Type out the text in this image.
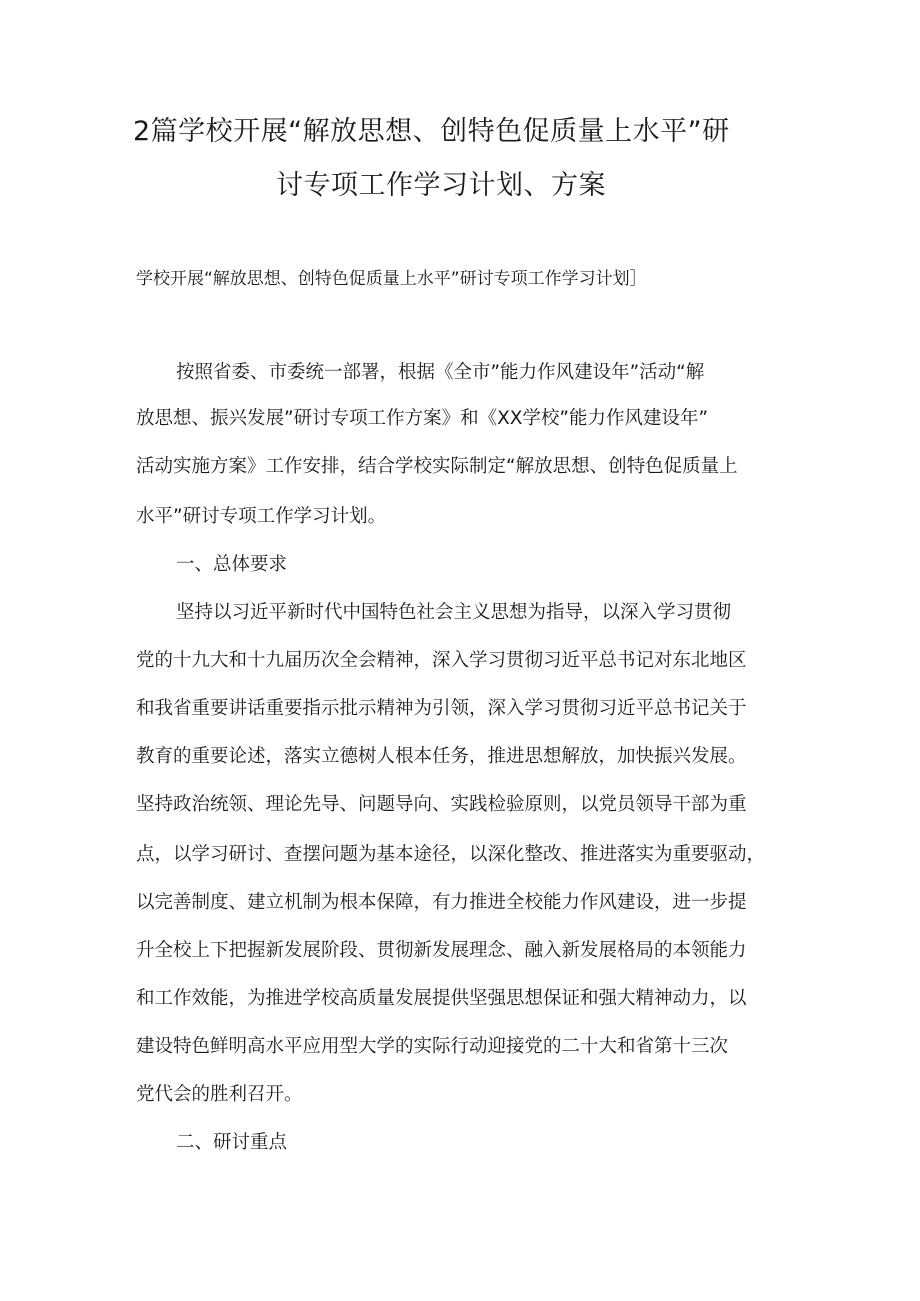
2篇学校开展“解放思想、创特色促质量上水平”研
讨专项工作学习计划、方案
学校开展“解放思想、创特色促质量上水平”研讨专项工作学习计划］
按照省委、市委统一部署，根据《全市”能力作风建设年”活动“解
放思想、振兴发展”研讨专项工作方案》和《XX学校”能力作风建设年”
活动实施方案》工作安排，结合学校实际制定“解放思想、创特色促质量上
水平”研讨专项工作学习计划。
一、总体要求
坚持以习近平新时代中国特色社会主义思想为指导，以深入学习贯彻
党的十九大和十九届历次全会精神，深入学习贯彻习近平总书记对东北地区
和我省重要讲话重要指示批示精神为引领，深入学习贯彻习近平总书记关于
教育的重要论述，落实立德树人根本任务，推进思想解放，加快振兴发展。
坚持政治统领、理论先导、问题导向、实践检验原则，以党员领导干部为重
点，以学习研讨、查摆问题为基本途径，以深化整改、推进落实为重要驱动，
以完善制度、建立机制为根本保障，有力推进全校能力作风建设，进一步提
升全校上下把握新发展阶段、贯彻新发展理念、融入新发展格局的本领能力
和工作效能，为推进学校高质量发展提供坚强思想保证和强大精神动力，以
建设特色鲜明高水平应用型大学的实际行动迎接党的二十大和省第十三次
党代会的胜利召开。
二、研讨重点
